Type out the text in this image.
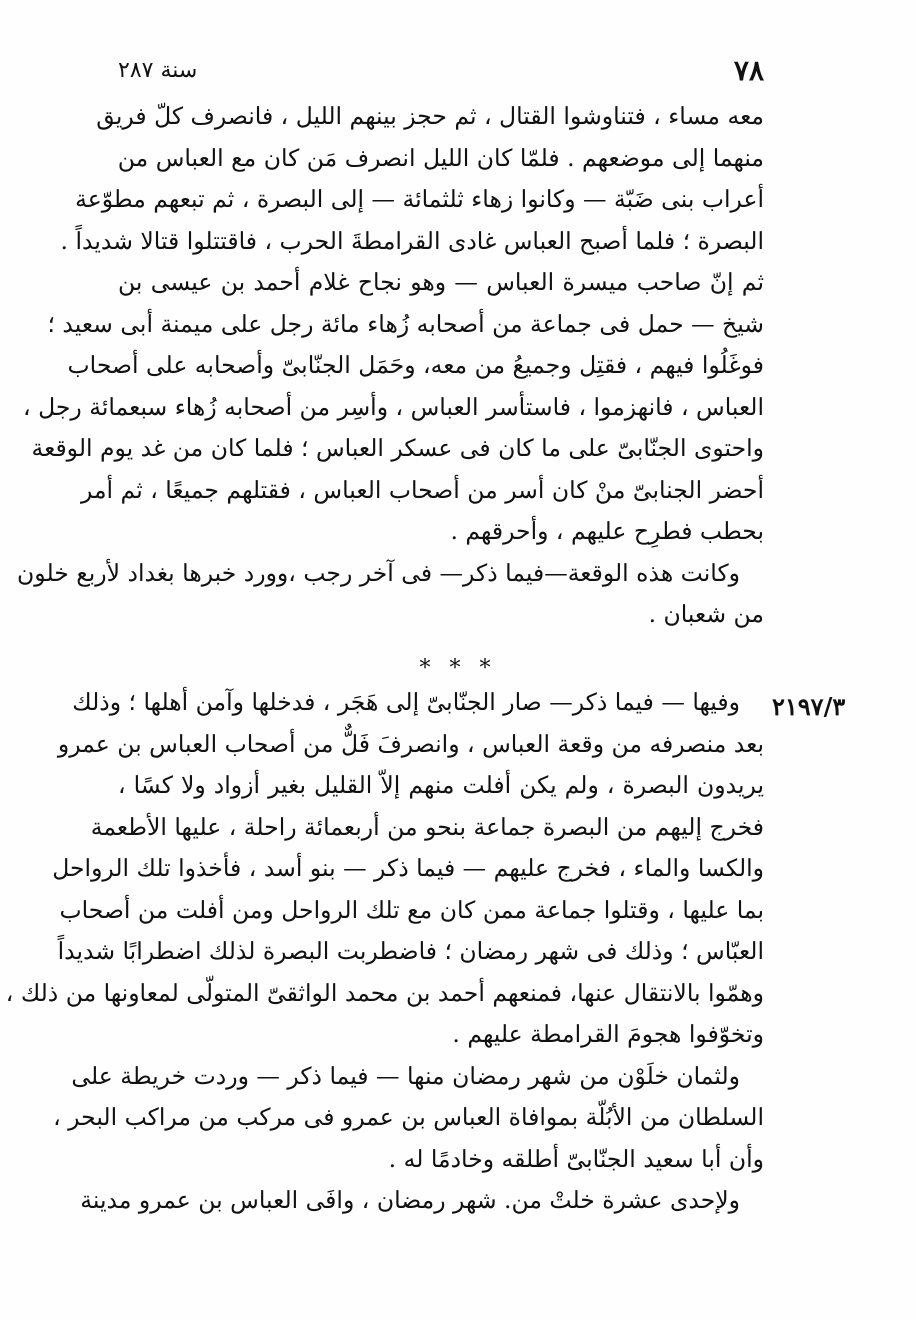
سنة ٢٨٧	٧٨
معه مساء ، فتناوشوا القتال ، ثم حجز بينهم الليل ، فانصرف كلّ فريق
منهما إلى موضعهم . فلمّا كان الليل انصرف مَن كان مع العباس من
أعراب بنى ضَبّة — وكانوا زهاء ثلثمائة — إلى البصرة ، ثم تبعهم مطوّعة
البصرة ؛ فلما أصبح العباس غادى القرامطةَ الحرب ، فاقتتلوا قتالا شديداً .
ثم إنّ صاحب ميسرة العباس — وهو نجاح غلام أحمد بن عيسى بن
شيخ — حمل فى جماعة من أصحابه زُهاء مائة رجل على ميمنة أبى سعيد ؛
فوغَلُوا فيهم ، فقتِل وجميعُ من معه، وحَمَل الجنّابىّ وأصحابه على أصحاب
العباس ، فانهزموا ، فاستأسر العباس ، وأسِر من أصحابه زُهاء سبعمائة رجل ،
واحتوى الجنّابىّ على ما كان فى عسكر العباس ؛ فلما كان من غد يوم الوقعة
أحضر الجنابىّ منْ كان أسر من أصحاب العباس ، فقتلهم جميعًا ، ثم أمر
بحطب فطرِح عليهم ، وأحرقهم .
وكانت هذه الوقعة—فيما ذكر— فى آخر رجب ،وورد خبرها بغداد لأربع خلون
من شعبان .
* * *
٢١٩٧/٣
وفيها — فيما ذكر— صار الجنّابىّ إلى هَجَر ، فدخلها وآمن أهلها ؛ وذلك
بعد منصرفه من وقعة العباس ، وانصرفَ فَلٌّ من أصحاب العباس بن عمرو
يريدون البصرة ، ولم يكن أفلت منهم إلاّ القليل بغير أزواد ولا كسًا ،
فخرج إليهم من البصرة جماعة بنحو من أربعمائة راحلة ، عليها الأطعمة
والكسا والماء ، فخرج عليهم — فيما ذكر — بنو أسد ، فأخذوا تلك الرواحل
بما عليها ، وقتلوا جماعة ممن كان مع تلك الرواحل ومن أفلت من أصحاب
العبّاس ؛ وذلك فى شهر رمضان ؛ فاضطربت البصرة لذلك اضطرابًا شديداً
وهمّوا بالانتقال عنها، فمنعهم أحمد بن محمد الواثقىّ المتولّى لمعاونها من ذلك ،
وتخوّفوا هجومَ القرامطة عليهم .
ولثمان خلَوْن من شهر رمضان منها — فيما ذكر — وردت خريطة على
السلطان من الأبُلّة بموافاة العباس بن عمرو فى مركب من مراكب البحر ،
وأن أبا سعيد الجنّابىّ أطلقه وخادمًا له .
ولإحدى عشرة خلتْ من. شهر رمضان ، وافَى العباس بن عمرو مدينة
